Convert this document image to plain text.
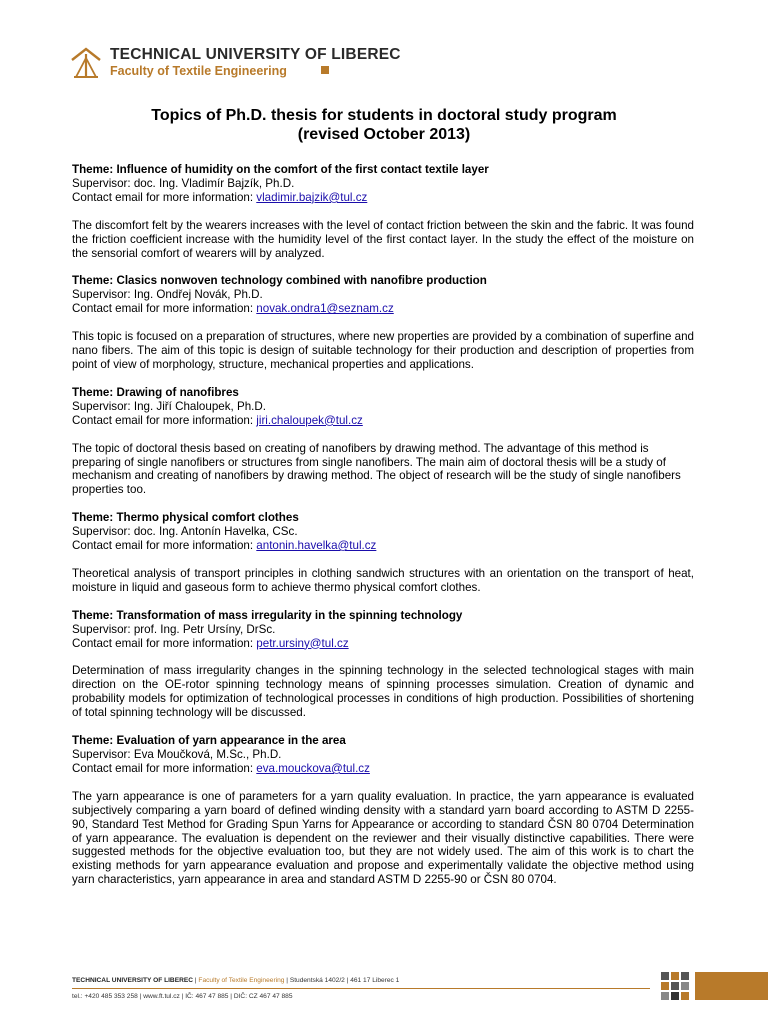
TECHNICAL UNIVERSITY OF LIBEREC
Faculty of Textile Engineering
Topics of Ph.D. thesis for students in doctoral study program
(revised October 2013)
Theme: Influence of humidity on the comfort of the first contact textile layer
Supervisor: doc. Ing. Vladimír Bajzík, Ph.D.
Contact email for more information: vladimir.bajzik@tul.cz
The discomfort felt by the wearers increases with the level of contact friction between the skin and the fabric. It was found the friction coefficient increase with the humidity level of the first contact layer. In the study the effect of the moisture on the sensorial comfort of wearers will by analyzed.
Theme: Clasics nonwoven technology combined with nanofibre production
Supervisor: Ing. Ondřej Novák, Ph.D.
Contact email for more information: novak.ondra1@seznam.cz
This topic is focused on a preparation of structures, where new properties are provided by a combination of superfine and nano fibers. The aim of this topic is design of suitable technology for their production and description of properties from point of view of morphology, structure, mechanical properties and applications.
Theme: Drawing of nanofibres
Supervisor: Ing. Jiří Chaloupek, Ph.D.
Contact email for more information: jiri.chaloupek@tul.cz
The topic of doctoral thesis based on creating of nanofibers by drawing method. The advantage of this method is preparing of single nanofibers or structures from single nanofibers. The main aim of doctoral thesis will be a study of mechanism and creating of nanofibers by drawing method. The object of research will be the study of single nanofibers properties too.
Theme: Thermo physical comfort clothes
Supervisor: doc. Ing. Antonín Havelka, CSc.
Contact email for more information: antonin.havelka@tul.cz
Theoretical analysis of transport principles in clothing sandwich structures with an orientation on the transport of heat, moisture in liquid and gaseous form to achieve thermo physical comfort clothes.
Theme: Transformation of mass irregularity in the spinning technology
Supervisor: prof. Ing. Petr Ursíny, DrSc.
Contact email for more information: petr.ursiny@tul.cz
Determination of mass irregularity changes in the spinning technology in the selected technological stages with main direction on the OE-rotor spinning technology means of spinning processes simulation. Creation of dynamic and probability models for optimization of technological processes in conditions of high production. Possibilities of shortening of total spinning technology will be discussed.
Theme: Evaluation of yarn appearance in the area
Supervisor: Eva Moučková, M.Sc., Ph.D.
Contact email for more information: eva.mouckova@tul.cz
The yarn appearance is one of parameters for a yarn quality evaluation. In practice, the yarn appearance is evaluated subjectively comparing a yarn board of defined winding density with a standard yarn board according to ASTM D 2255-90, Standard Test Method for Grading Spun Yarns for Appearance or according to standard ČSN 80 0704 Determination of yarn appearance. The evaluation is dependent on the reviewer and their visually distinctive capabilities. There were suggested methods for the objective evaluation too, but they are not widely used. The aim of this work is to chart the existing methods for yarn appearance evaluation and propose and experimentally validate the objective method using yarn characteristics, yarn appearance in area and standard ASTM D 2255-90 or ČSN 80 0704.
TECHNICAL UNIVERSITY OF LIBEREC | Faculty of Textile Engineering | Studentská 1402/2 | 461 17 Liberec 1
tel.: +420 485 353 258 | www.ft.tul.cz | IČ: 467 47 885 | DIČ: CZ 467 47 885
